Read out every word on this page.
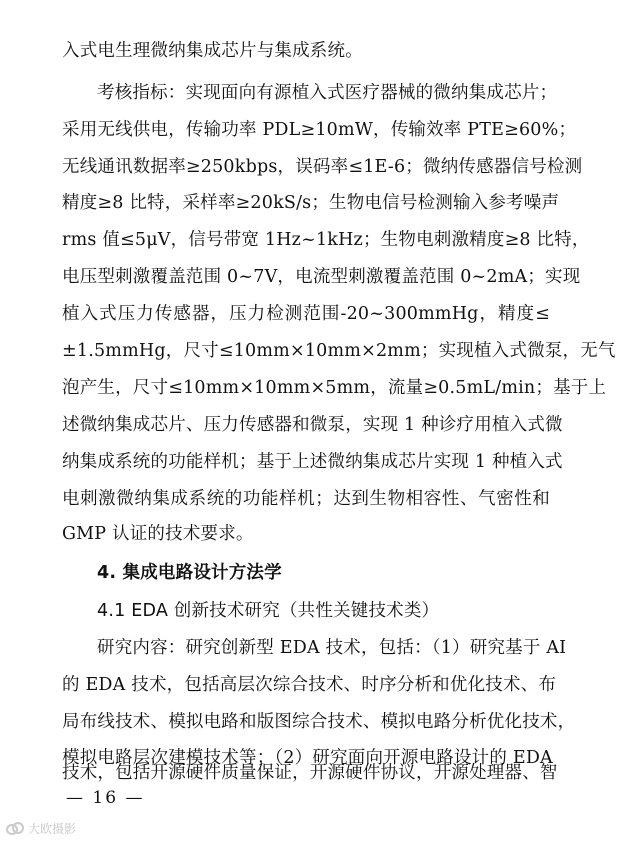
入式电生理微纳集成芯片与集成系统。
考核指标：实现面向有源植入式医疗器械的微纳集成芯片；
采用无线供电，传输功率 PDL≥10mW，传输效率 PTE≥60%；
无线通讯数据率≥250kbps，误码率≤1E-6；微纳传感器信号检测
精度≥8 比特，采样率≥20kS/s；生物电信号检测输入参考噪声
rms 值≤5μV，信号带宽 1Hz~1kHz；生物电刺激精度≥8 比特，
电压型刺激覆盖范围 0~7V，电流型刺激覆盖范围 0~2mA；实现
植入式压力传感器，压力检测范围-20~300mmHg，精度≤
±1.5mmHg，尺寸≤10mm×10mm×2mm；实现植入式微泵，无气
泡产生，尺寸≤10mm×10mm×5mm，流量≥0.5mL/min；基于上
述微纳集成芯片、压力传感器和微泵，实现 1 种诊疗用植入式微
纳集成系统的功能样机；基于上述微纳集成芯片实现 1 种植入式
电刺激微纳集成系统的功能样机；达到生物相容性、气密性和
GMP 认证的技术要求。
4. 集成电路设计方法学
4.1 EDA 创新技术研究（共性关键技术类）
研究内容：研究创新型 EDA 技术，包括：（1）研究基于 AI
的 EDA 技术，包括高层次综合技术、时序分析和优化技术、布
局布线技术、模拟电路和版图综合技术、模拟电路分析优化技术，
模拟电路层次建模技术等；（2）研究面向开源电路设计的 EDA
技术，包括开源硬件质量保证，开源硬件协议，开源处理器、智
— 16 —
大欧摄影
